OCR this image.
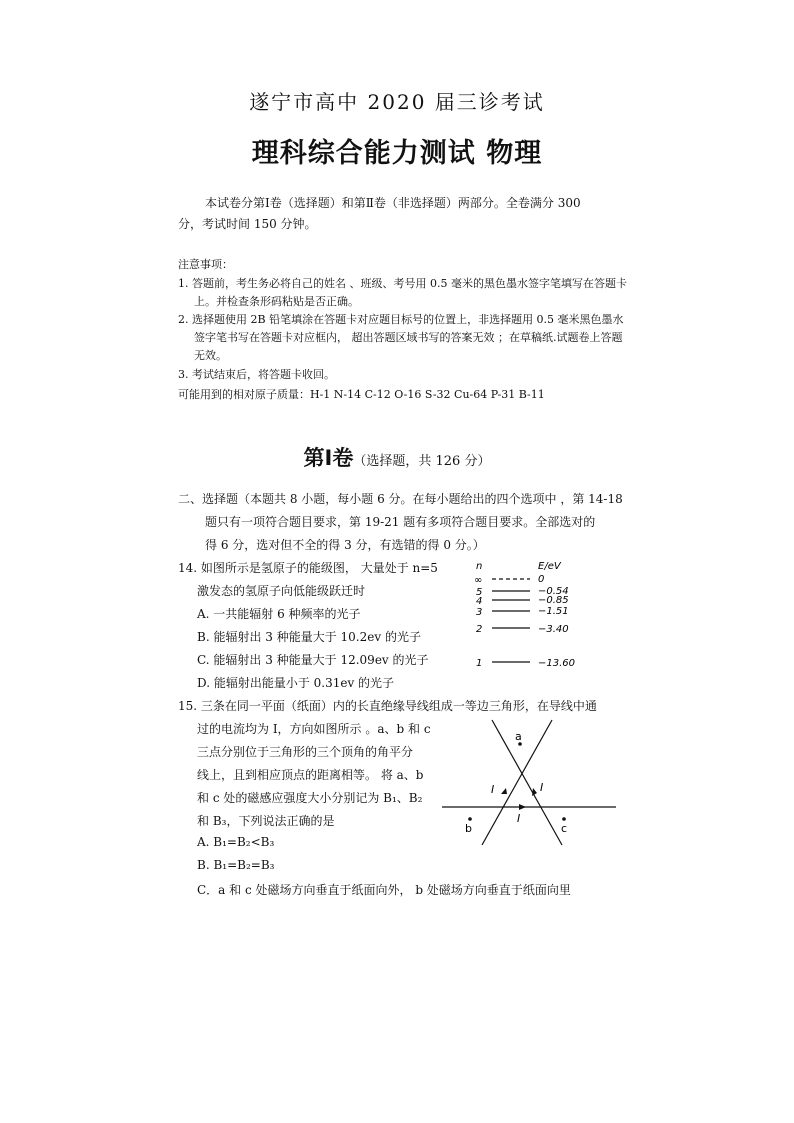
遂宁市高中 2020 届三诊考试
理科综合能力测试 物理
本试卷分第Ⅰ卷（选择题）和第Ⅱ卷（非选择题）两部分。全卷满分 300
分，考试时间 150 分钟。
注意事项：
1. 答题前，考生务必将自己的姓名 、班级、考号用 0.5 毫米的黑色墨水签字笔填写在答题卡
上。并检查条形码粘贴是否正确。
2. 选择题使用 2B 铅笔填涂在答题卡对应题目标号的位置上，非选择题用 0.5 毫米黑色墨水
签字笔书写在答题卡对应框内， 超出答题区域书写的答案无效 ；在草稿纸.试题卷上答题
无效。
3. 考试结束后，将答题卡收回。
可能用到的相对原子质量：H-1 N-14 C-12 O-16 S-32 Cu-64 P-31 B-11
第Ⅰ卷（选择题，共 126 分）
二、选择题（本题共 8 小题，每小题 6 分。在每小题给出的四个选项中 ，第 14-18
题只有一项符合题目要求，第 19-21 题有多项符合题目要求。全部选对的
得 6 分，选对但不全的得 3 分，有选错的得 0 分。）
14. 如图所示是氢原子的能级图， 大量处于 n=5
激发态的氢原子向低能级跃迁时
A. 一共能辐射 6 种频率的光子
B. 能辐射出 3 种能量大于 10.2ev 的光子
C. 能辐射出 3 种能量大于 12.09ev 的光子
D. 能辐射出能量小于 0.31ev 的光子
n	E/eV
∞	0
5	−0.54
4	−0.85
3	−1.51
2	−3.40
1	−13.60
15. 三条在同一平面（纸面）内的长直绝缘导线组成一等边三角形，在导线中通
过的电流均为 I，方向如图所示 。a、b 和 c
三点分别位于三角形的三个顶角的角平分
线上，且到相应顶点的距离相等。 将 a、b
和 c 处的磁感应强度大小分别记为 B₁、B₂
和 B₃，下列说法正确的是
A. B₁=B₂<B₃
B. B₁=B₂=B₃
C．a 和 c 处磁场方向垂直于纸面向外， b 处磁场方向垂直于纸面向里
a
b	c
I	I
I
